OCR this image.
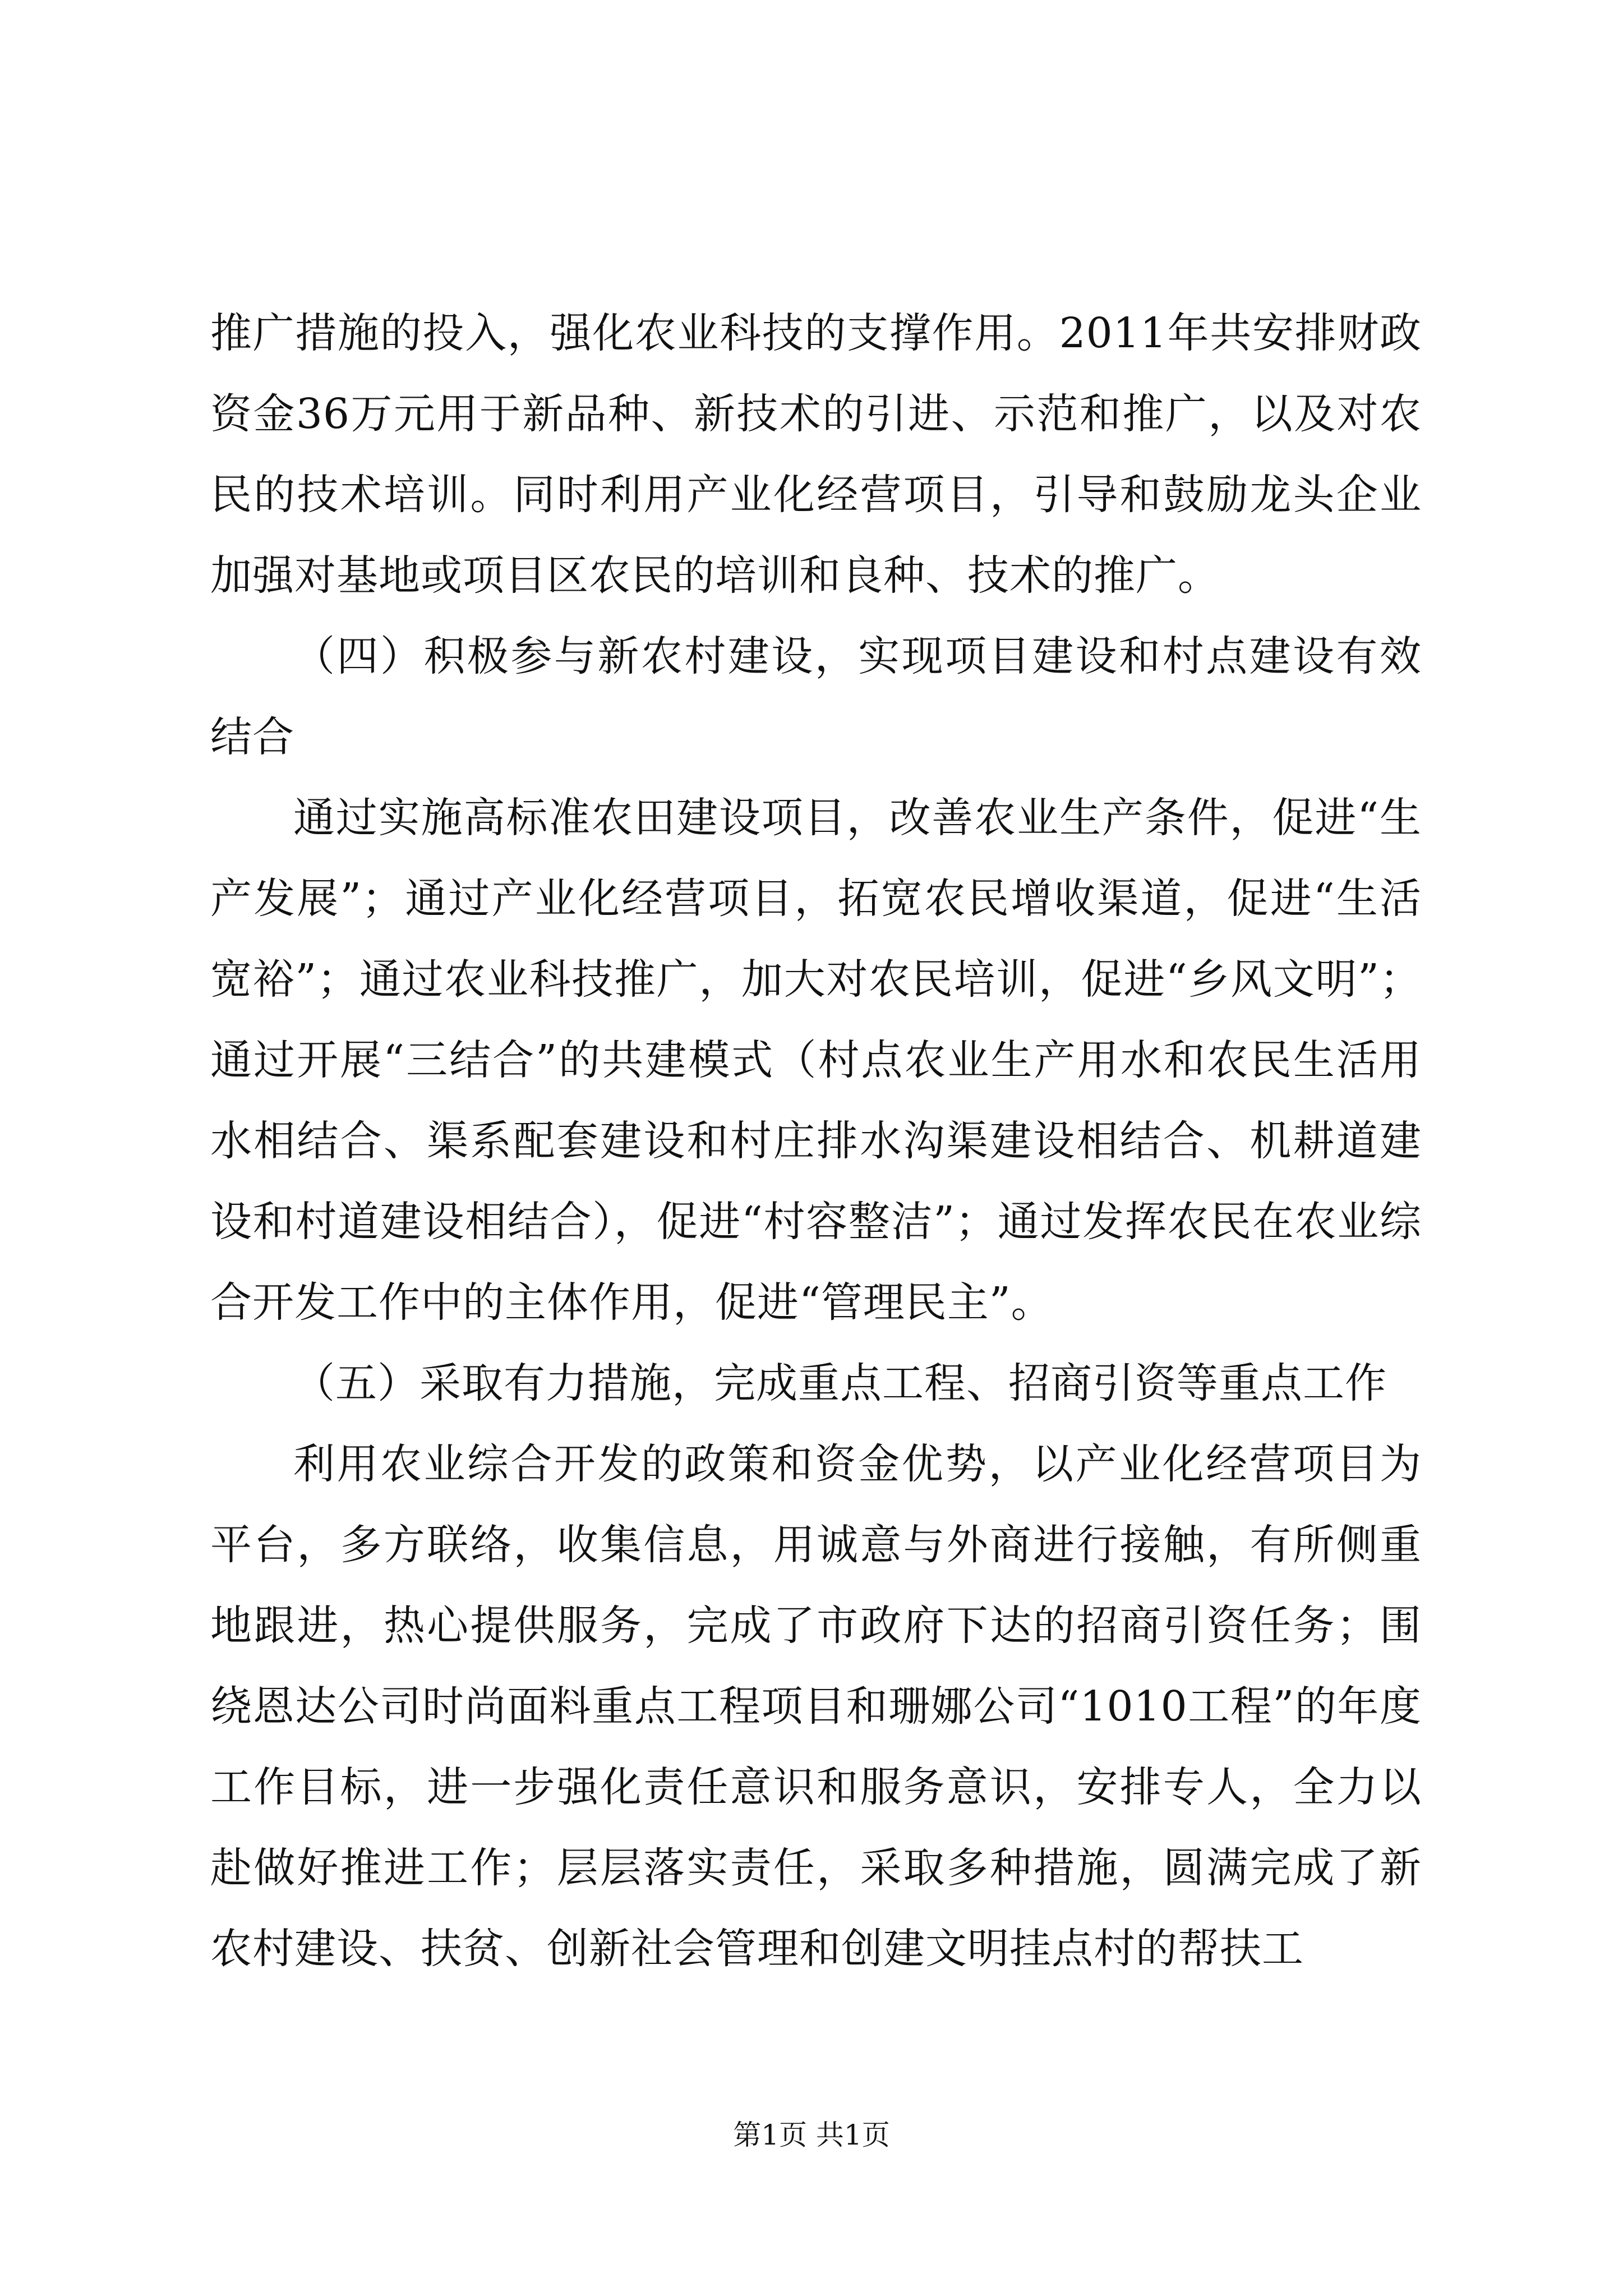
推广措施的投入，强化农业科技的支撑作用。2011年共安排财政资金36万元用于新品种、新技术的引进、示范和推广，以及对农民的技术培训。同时利用产业化经营项目，引导和鼓励龙头企业加强对基地或项目区农民的培训和良种、技术的推广。

（四）积极参与新农村建设，实现项目建设和村点建设有效结合

通过实施高标准农田建设项目，改善农业生产条件，促进“生产发展”；通过产业化经营项目，拓宽农民增收渠道，促进“生活宽裕”；通过农业科技推广，加大对农民培训，促进“乡风文明”；通过开展“三结合”的共建模式（村点农业生产用水和农民生活用水相结合、渠系配套建设和村庄排水沟渠建设相结合、机耕道建设和村道建设相结合），促进“村容整洁”；通过发挥农民在农业综合开发工作中的主体作用，促进“管理民主”。

（五）采取有力措施，完成重点工程、招商引资等重点工作

利用农业综合开发的政策和资金优势，以产业化经营项目为平台，多方联络，收集信息，用诚意与外商进行接触，有所侧重地跟进，热心提供服务，完成了市政府下达的招商引资任务；围绕恩达公司时尚面料重点工程项目和珊娜公司“1010工程”的年度工作目标，进一步强化责任意识和服务意识，安排专人，全力以赴做好推进工作；层层落实责任，采取多种措施，圆满完成了新农村建设、扶贫、创新社会管理和创建文明挂点村的帮扶工

第1页 共1页
